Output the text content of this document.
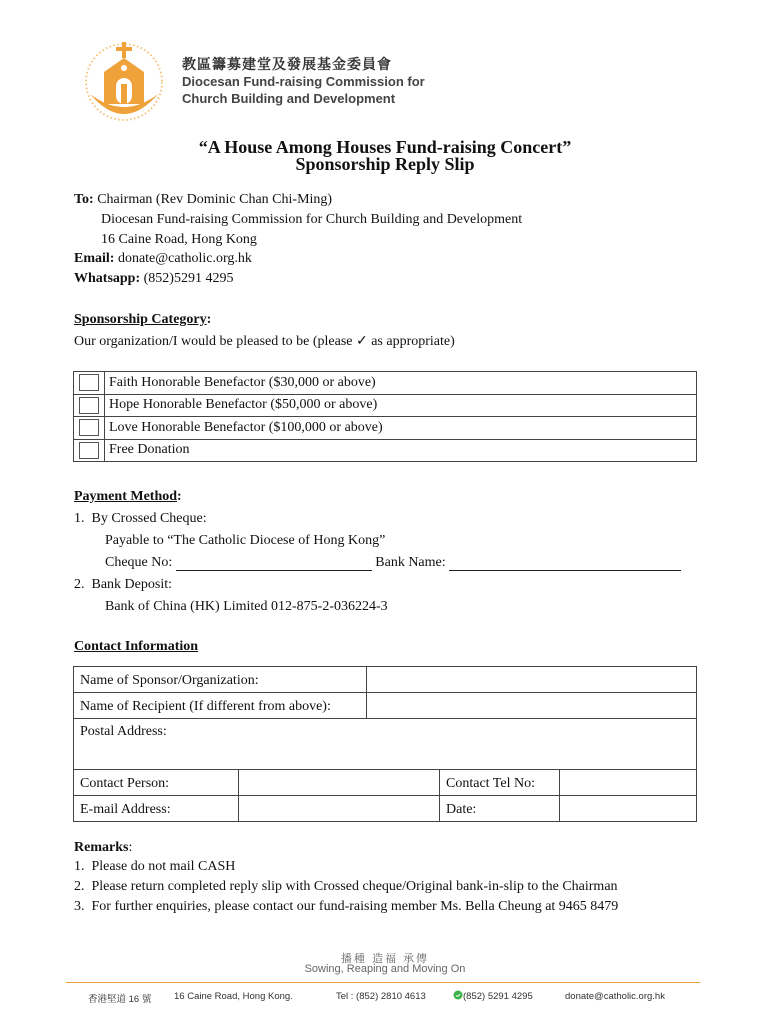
教區籌募建堂及發展基金委員會
Diocesan Fund-raising Commission for
Church Building and Development
“A House Among Houses Fund-raising Concert”
Sponsorship Reply Slip
To: Chairman (Rev Dominic Chan Chi-Ming)
Diocesan Fund-raising Commission for Church Building and Development
16 Caine Road, Hong Kong
Email: donate@catholic.org.hk
Whatsapp: (852)5291 4295
Sponsorship Category:
Our organization/I would be pleased to be (please ✓ as appropriate)
	Faith Honorable Benefactor ($30,000 or above)
	Hope Honorable Benefactor ($50,000 or above)
	Love Honorable Benefactor ($100,000 or above)
	Free Donation
Payment Method:
1. By Crossed Cheque:
Payable to “The Catholic Diocese of Hong Kong”
Cheque No:	Bank Name:
2. Bank Deposit:
Bank of China (HK) Limited 012-875-2-036224-3
Contact Information
Name of Sponsor/Organization:
Name of Recipient (If different from above):
Postal Address:
Contact Person:	Contact Tel No:
E-mail Address:	Date:
Remarks:
1. Please do not mail CASH
2. Please return completed reply slip with Crossed cheque/Original bank-in-slip to the Chairman
3. For further enquiries, please contact our fund-raising member Ms. Bella Cheung at 9465 8479
播種 造福 承傳
Sowing, Reaping and Moving On
香港堅道 16 號 16 Caine Road, Hong Kong.	Tel : (852) 2810 4613	(852) 5291 4295	donate@catholic.org.hk
